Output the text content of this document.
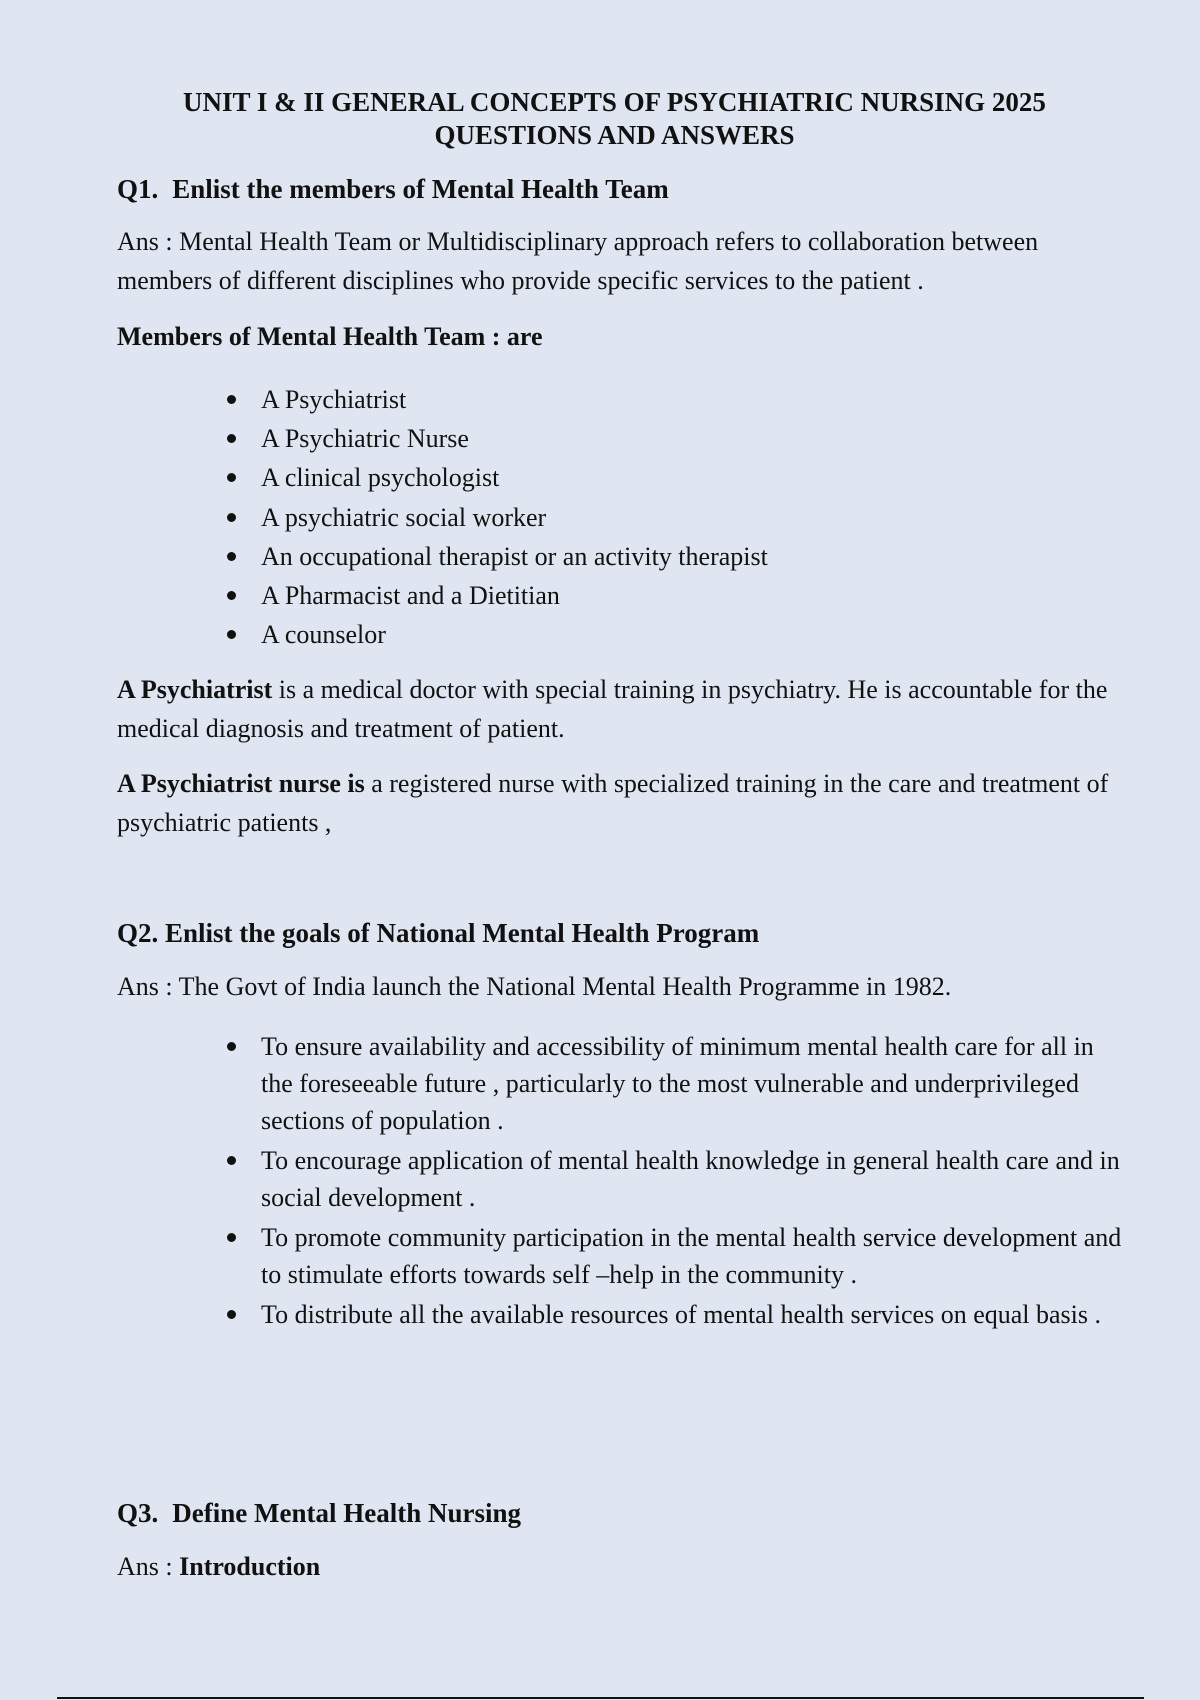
UNIT I & II GENERAL CONCEPTS OF PSYCHIATRIC NURSING 2025
QUESTIONS AND ANSWERS
Q1. Enlist the members of Mental Health Team
Ans : Mental Health Team or Multidisciplinary approach refers to collaboration between members of different disciplines who provide specific services to the patient .
Members of Mental Health Team : are
A Psychiatrist
A Psychiatric Nurse
A clinical psychologist
A psychiatric social worker
An occupational therapist or an activity therapist
A Pharmacist and a Dietitian
A counselor
A Psychiatrist is a medical doctor with special training in psychiatry. He is accountable for the medical diagnosis and treatment of patient.
A Psychiatrist nurse is a registered nurse with specialized training in the care and treatment of psychiatric patients ,
Q2. Enlist the goals of National Mental Health Program
Ans : The Govt of India launch the National Mental Health Programme in 1982.
To ensure availability and accessibility of minimum mental health care for all in the foreseeable future , particularly to the most vulnerable and underprivileged sections of population .
To encourage application of mental health knowledge in general health care and in social development .
To promote community participation in the mental health service development and to stimulate efforts towards self –help in the community .
To distribute all the available resources of mental health services on equal basis .
Q3. Define Mental Health Nursing
Ans : Introduction
